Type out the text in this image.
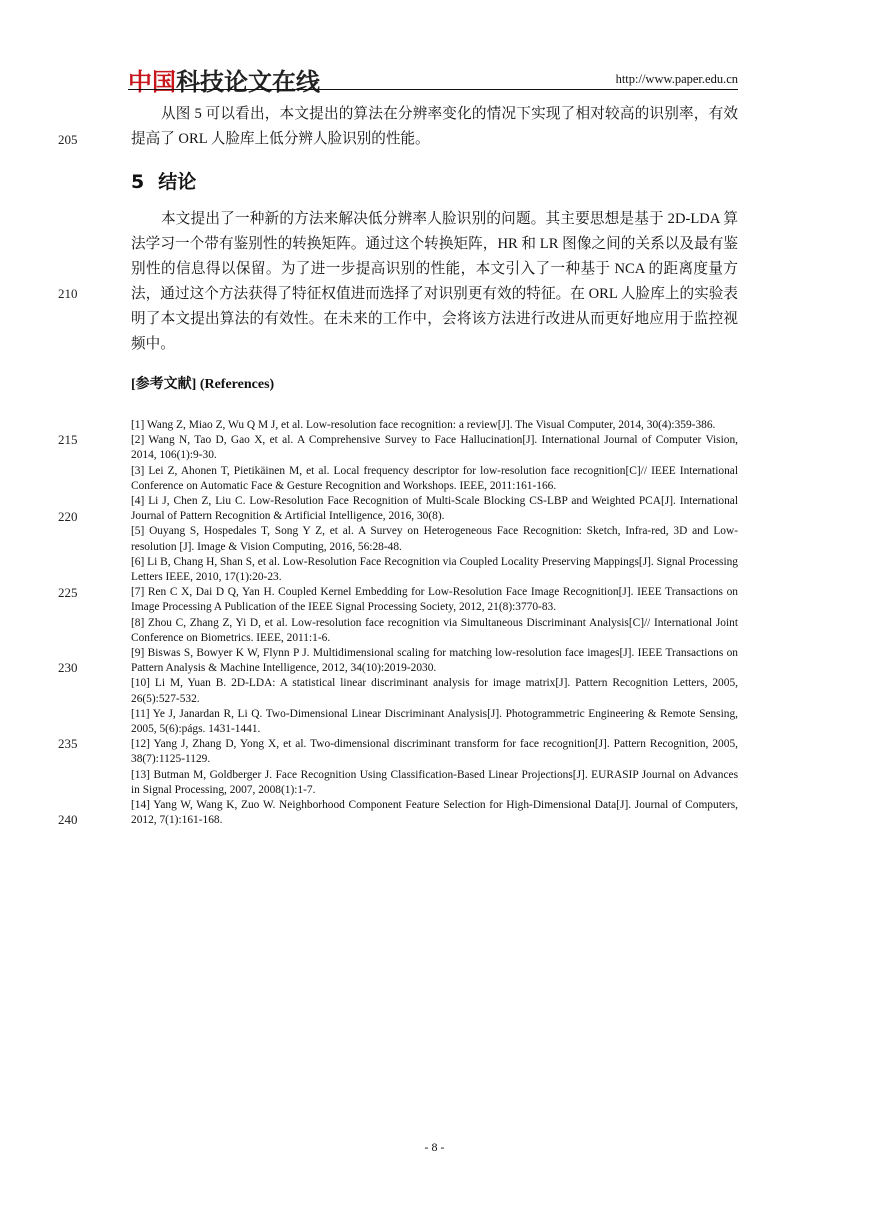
中国科技论文在线	http://www.paper.edu.cn
205
210
215
220
225
230
235
240

从图 5 可以看出，本文提出的算法在分辨率变化的情况下实现了相对较高的识别率，有效提高了 ORL 人脸库上低分辨人脸识别的性能。

5 结论

本文提出了一种新的方法来解决低分辨率人脸识别的问题。其主要思想是基于 2D-LDA 算法学习一个带有鉴别性的转换矩阵。通过这个转换矩阵，HR 和 LR 图像之间的关系以及最有鉴别性的信息得以保留。为了进一步提高识别的性能，本文引入了一种基于 NCA 的距离度量方法，通过这个方法获得了特征权值进而选择了对识别更有效的特征。在 ORL 人脸库上的实验表明了本文提出算法的有效性。在未来的工作中，会将该方法进行改进从而更好地应用于监控视频中。

[参考文献] (References)
[1] Wang Z, Miao Z, Wu Q M J, et al. Low-resolution face recognition: a review[J]. The Visual Computer, 2014, 30(4):359-386.
[2] Wang N, Tao D, Gao X, et al. A Comprehensive Survey to Face Hallucination[J]. International Journal of Computer Vision, 2014, 106(1):9-30.
[3] Lei Z, Ahonen T, Pietikäinen M, et al. Local frequency descriptor for low-resolution face recognition[C]// IEEE International Conference on Automatic Face & Gesture Recognition and Workshops. IEEE, 2011:161-166.
[4] Li J, Chen Z, Liu C. Low-Resolution Face Recognition of Multi-Scale Blocking CS-LBP and Weighted PCA[J]. International Journal of Pattern Recognition & Artificial Intelligence, 2016, 30(8).
[5] Ouyang S, Hospedales T, Song Y Z, et al. A Survey on Heterogeneous Face Recognition: Sketch, Infra-red, 3D and Low-resolution [J]. Image & Vision Computing, 2016, 56:28-48.
[6] Li B, Chang H, Shan S, et al. Low-Resolution Face Recognition via Coupled Locality Preserving Mappings[J]. Signal Processing Letters IEEE, 2010, 17(1):20-23.
[7] Ren C X, Dai D Q, Yan H. Coupled Kernel Embedding for Low-Resolution Face Image Recognition[J]. IEEE Transactions on Image Processing A Publication of the IEEE Signal Processing Society, 2012, 21(8):3770-83.
[8] Zhou C, Zhang Z, Yi D, et al. Low-resolution face recognition via Simultaneous Discriminant Analysis[C]// International Joint Conference on Biometrics. IEEE, 2011:1-6.
[9] Biswas S, Bowyer K W, Flynn P J. Multidimensional scaling for matching low-resolution face images[J]. IEEE Transactions on Pattern Analysis & Machine Intelligence, 2012, 34(10):2019-2030.
[10] Li M, Yuan B. 2D-LDA: A statistical linear discriminant analysis for image matrix[J]. Pattern Recognition Letters, 2005, 26(5):527-532.
[11] Ye J, Janardan R, Li Q. Two-Dimensional Linear Discriminant Analysis[J]. Photogrammetric Engineering & Remote Sensing, 2005, 5(6):págs. 1431-1441.
[12] Yang J, Zhang D, Yong X, et al. Two-dimensional discriminant transform for face recognition[J]. Pattern Recognition, 2005, 38(7):1125-1129.
[13] Butman M, Goldberger J. Face Recognition Using Classification-Based Linear Projections[J]. EURASIP Journal on Advances in Signal Processing, 2007, 2008(1):1-7.
[14] Yang W, Wang K, Zuo W. Neighborhood Component Feature Selection for High-Dimensional Data[J]. Journal of Computers, 2012, 7(1):161-168.
- 8 -
